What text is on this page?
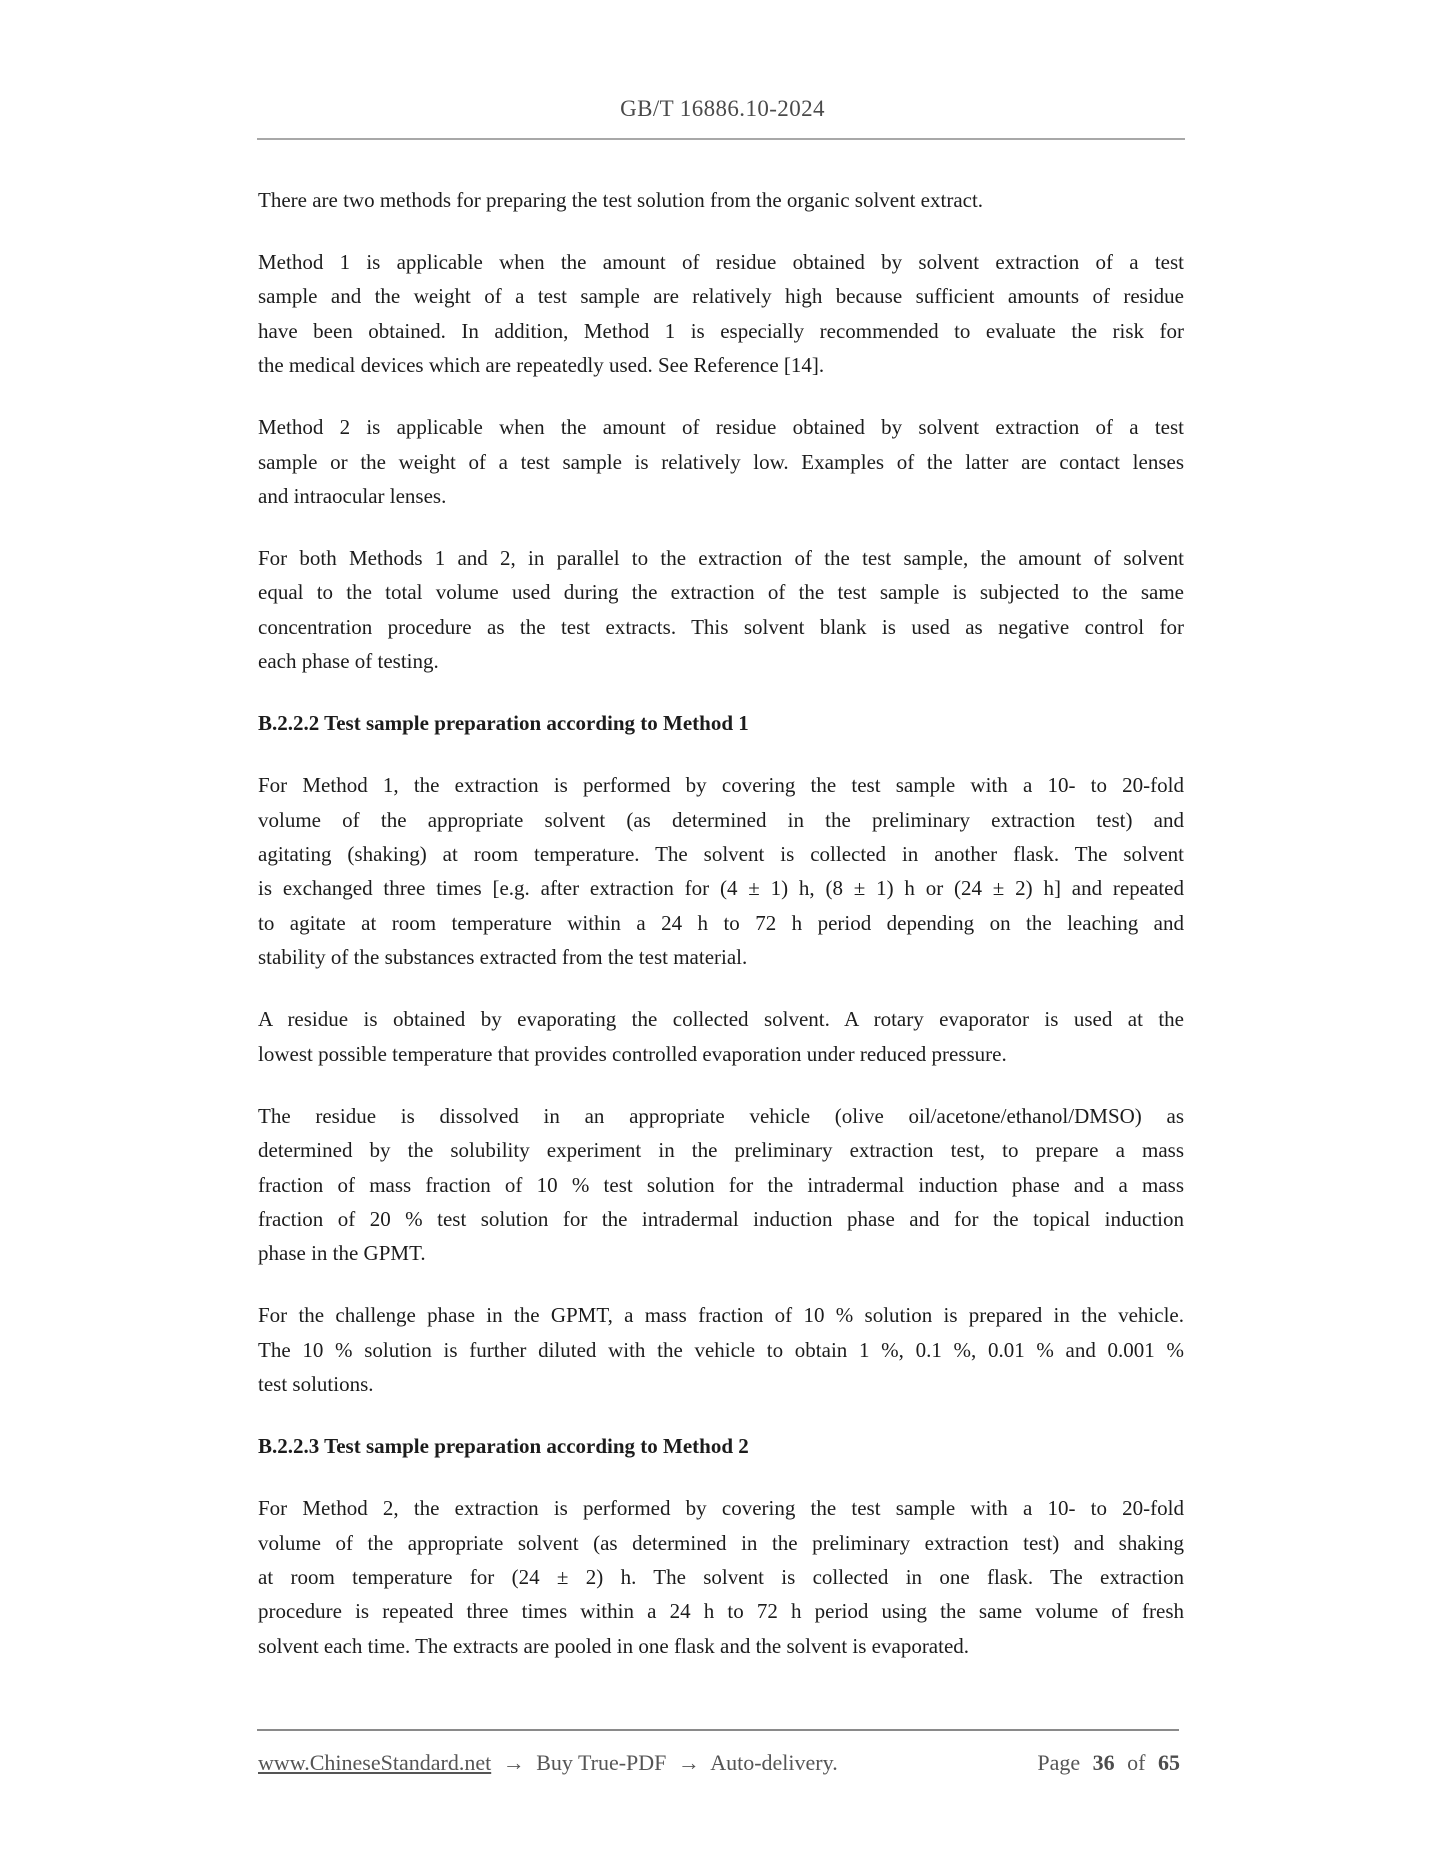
GB/T 16886.10-2024
There are two methods for preparing the test solution from the organic solvent extract.
Method 1 is applicable when the amount of residue obtained by solvent extraction of a test
sample and the weight of a test sample are relatively high because sufficient amounts of residue
have been obtained. In addition, Method 1 is especially recommended to evaluate the risk for
the medical devices which are repeatedly used. See Reference [14].
Method 2 is applicable when the amount of residue obtained by solvent extraction of a test
sample or the weight of a test sample is relatively low. Examples of the latter are contact lenses
and intraocular lenses.
For both Methods 1 and 2, in parallel to the extraction of the test sample, the amount of solvent
equal to the total volume used during the extraction of the test sample is subjected to the same
concentration procedure as the test extracts. This solvent blank is used as negative control for
each phase of testing.
B.2.2.2 Test sample preparation according to Method 1
For Method 1, the extraction is performed by covering the test sample with a 10- to 20-fold
volume of the appropriate solvent (as determined in the preliminary extraction test) and
agitating (shaking) at room temperature. The solvent is collected in another flask. The solvent
is exchanged three times [e.g. after extraction for (4 ± 1) h, (8 ± 1) h or (24 ± 2) h] and repeated
to agitate at room temperature within a 24 h to 72 h period depending on the leaching and
stability of the substances extracted from the test material.
A residue is obtained by evaporating the collected solvent. A rotary evaporator is used at the
lowest possible temperature that provides controlled evaporation under reduced pressure.
The residue is dissolved in an appropriate vehicle (olive oil/acetone/ethanol/DMSO) as
determined by the solubility experiment in the preliminary extraction test, to prepare a mass
fraction of mass fraction of 10 % test solution for the intradermal induction phase and a mass
fraction of 20 % test solution for the intradermal induction phase and for the topical induction
phase in the GPMT.
For the challenge phase in the GPMT, a mass fraction of 10 % solution is prepared in the vehicle.
The 10 % solution is further diluted with the vehicle to obtain 1 %, 0.1 %, 0.01 % and 0.001 %
test solutions.
B.2.2.3 Test sample preparation according to Method 2
For Method 2, the extraction is performed by covering the test sample with a 10- to 20-fold
volume of the appropriate solvent (as determined in the preliminary extraction test) and shaking
at room temperature for (24 ± 2) h. The solvent is collected in one flask. The extraction
procedure is repeated three times within a 24 h to 72 h period using the same volume of fresh
solvent each time. The extracts are pooled in one flask and the solvent is evaporated.
www.ChineseStandard.net → Buy True-PDF → Auto-delivery.	Page 36 of 65
